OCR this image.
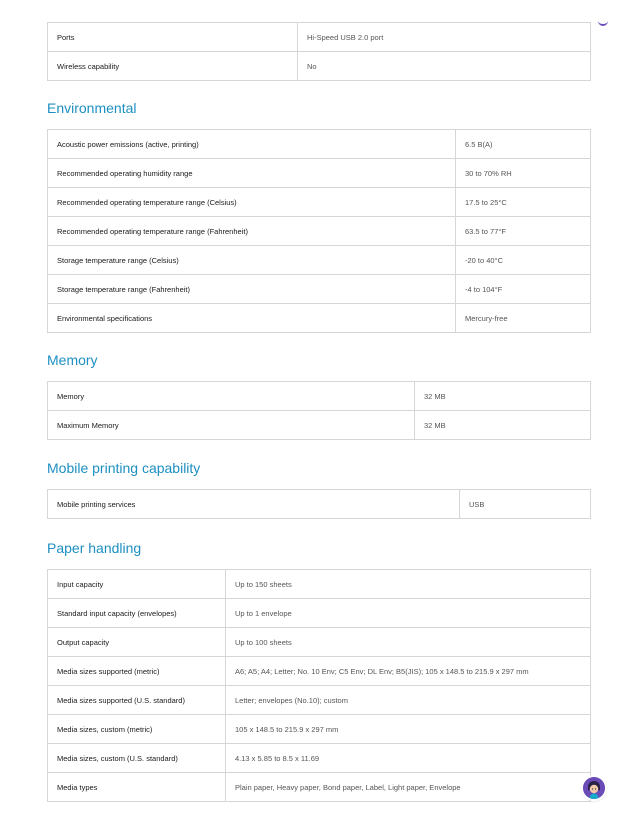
Ports	Hi-Speed USB 2.0 port
Wireless capability	No
Environmental
Acoustic power emissions (active, printing)	6.5 B(A)
Recommended operating humidity range	30 to 70% RH
Recommended operating temperature range (Celsius)	17.5 to 25°C
Recommended operating temperature range (Fahrenheit)	63.5 to 77°F
Storage temperature range (Celsius)	-20 to 40°C
Storage temperature range (Fahrenheit)	-4 to 104°F
Environmental specifications	Mercury-free
Memory
Memory	32 MB
Maximum Memory	32 MB
Mobile printing capability
Mobile printing services	USB
Paper handling
Input capacity	Up to 150 sheets
Standard input capacity (envelopes)	Up to 1 envelope
Output capacity	Up to 100 sheets
Media sizes supported (metric)	A6; A5; A4; Letter; No. 10 Env; C5 Env; DL Env; B5(JIS); 105 x 148.5 to 215.9 x 297 mm
Media sizes supported (U.S. standard)	Letter; envelopes (No.10); custom
Media sizes, custom (metric)	105 x 148.5 to 215.9 x 297 mm
Media sizes, custom (U.S. standard)	4.13 x 5.85 to 8.5 x 11.69
Media types	Plain paper, Heavy paper, Bond paper, Label, Light paper, Envelope
